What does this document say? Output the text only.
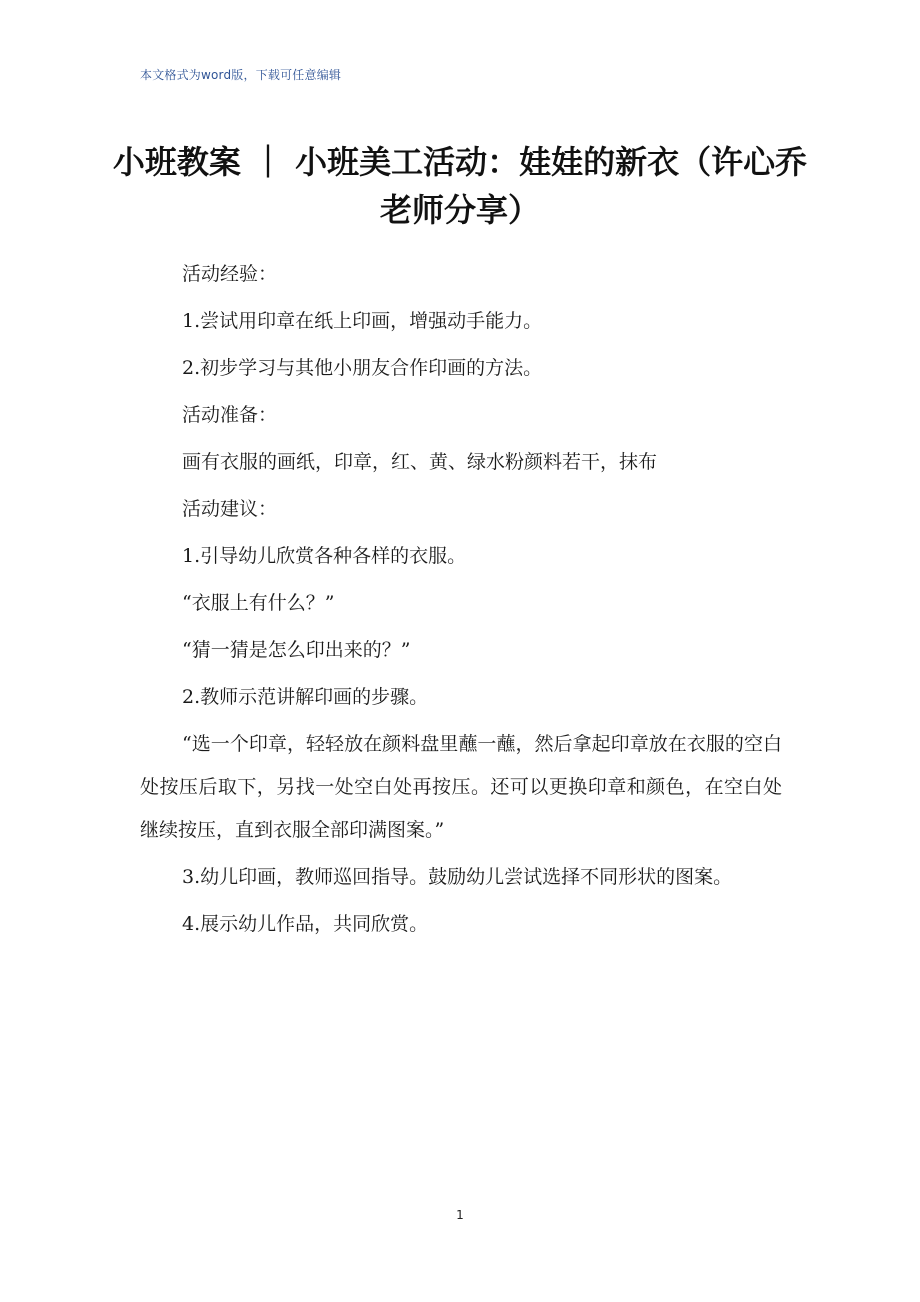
本文格式为word版，下载可任意编辑
小班教案 ｜ 小班美工活动：娃娃的新衣（许心乔老师分享）

活动经验：

1.尝试用印章在纸上印画，增强动手能力。

2.初步学习与其他小朋友合作印画的方法。

活动准备：

画有衣服的画纸，印章，红、黄、绿水粉颜料若干，抹布

活动建议：

1.引导幼儿欣赏各种各样的衣服。

“衣服上有什么？”

“猜一猜是怎么印出来的？”

2.教师示范讲解印画的步骤。

“选一个印章，轻轻放在颜料盘里蘸一蘸，然后拿起印章放在衣服的空白处按压后取下，另找一处空白处再按压。还可以更换印章和颜色，在空白处继续按压，直到衣服全部印满图案。”

3.幼儿印画，教师巡回指导。鼓励幼儿尝试选择不同形状的图案。

4.展示幼儿作品，共同欣赏。

1
